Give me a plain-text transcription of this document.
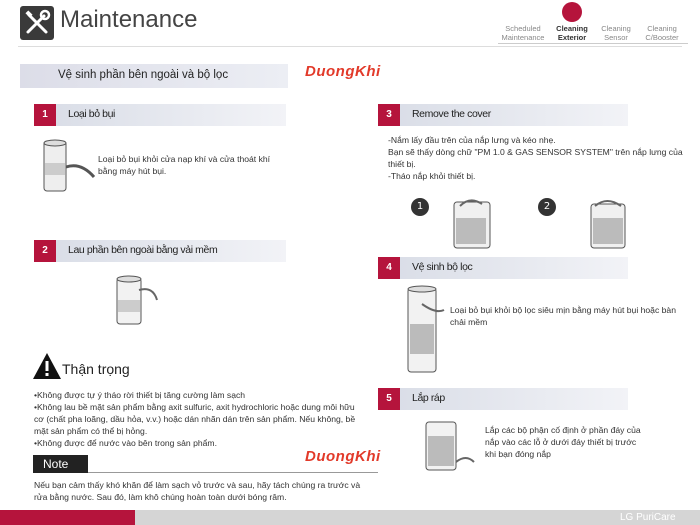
Maintenance	Scheduled
Maintenance
Cleaning
Exterior
Cleaning
Sensor
Cleaning
C/Booster
Vệ sinh phần bên ngoài và bộ lọc	DuongKhi
1	Loại bỏ bụi
Loại bỏ bụi khỏi cửa nạp khí và cửa thoát khí
bằng máy hút bụi.
2	Lau phần bên ngoài bằng vải mềm
Thận trọng
•Không được tự ý tháo rời thiết bị tăng cường làm sạch
•Không lau bề mặt sản phẩm bằng axit sulfuric, axit hydrochloric hoặc dung môi hữu
cơ (chất pha loãng, dầu hỏa, v.v.) hoặc dán nhãn dán trên sản phẩm. Nếu không, bề
mặt sản phẩm có thể bị hỏng.
•Không được để nước vào bên trong sản phẩm.
Note
Nếu bạn cảm thấy khó khăn để làm sạch vỏ trước và sau, hãy tách chúng ra trước và
rửa bằng nước. Sau đó, làm khô chúng hoàn toàn dưới bóng râm.
3	Remove the cover
-Nắm lấy đầu trên của nắp lưng và kéo nhẹ.
Bạn sẽ thấy dòng chữ "PM 1.0 & GAS SENSOR SYSTEM" trên nắp lưng của
thiết bị.
-Tháo nắp khỏi thiết bị.
1	2
4	Vệ sinh bộ lọc
Loại bỏ bụi khỏi bộ lọc siêu mịn bằng máy hút bụi hoặc bàn
chải mềm
5	Lắp ráp
Lắp các bộ phận cố định ở phần đáy của
nắp vào các lỗ ở dưới đáy thiết bị trước
khi bạn đóng nắp
DuongKhi
LG PuriCare
